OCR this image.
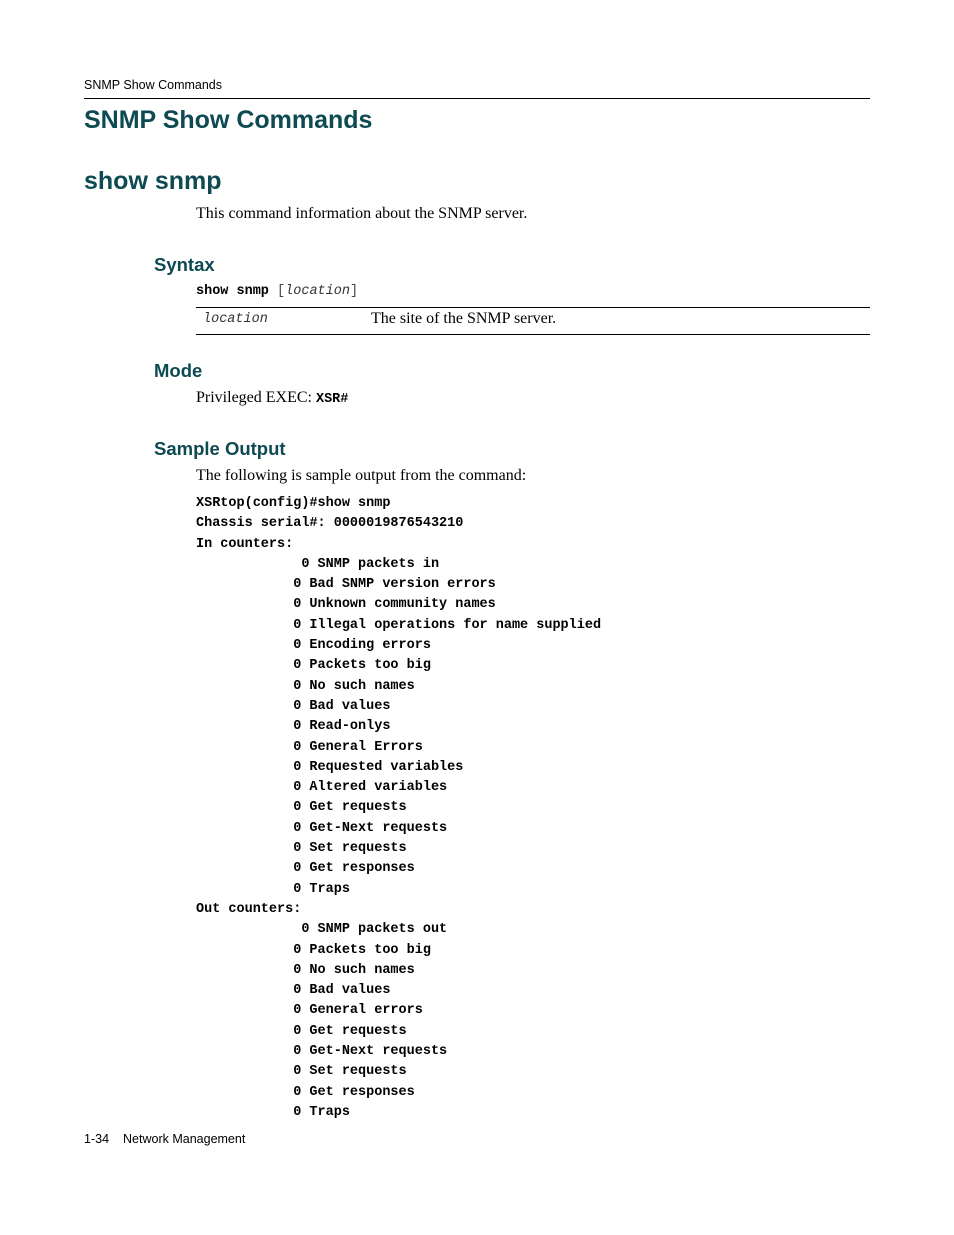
SNMP Show Commands
SNMP Show Commands
show snmp

This command information about the SNMP server.

Syntax
show snmp [location]
location	The site of the SNMP server.
Mode

Privileged EXEC: XSR#

Sample Output

The following is sample output from the command:

XSRtop(config)#show snmp
Chassis serial#: 0000019876543210
In counters:
0 SNMP packets in
0 Bad SNMP version errors
0 Unknown community names
0 Illegal operations for name supplied
0 Encoding errors
0 Packets too big
0 No such names
0 Bad values
0 Read-onlys
0 General Errors
0 Requested variables
0 Altered variables
0 Get requests
0 Get-Next requests
0 Set requests
0 Get responses
0 Traps
Out counters:
0 SNMP packets out
0 Packets too big
0 No such names
0 Bad values
0 General errors
0 Get requests
0 Get-Next requests
0 Set requests
0 Get responses
0 Traps
1-34 Network Management
